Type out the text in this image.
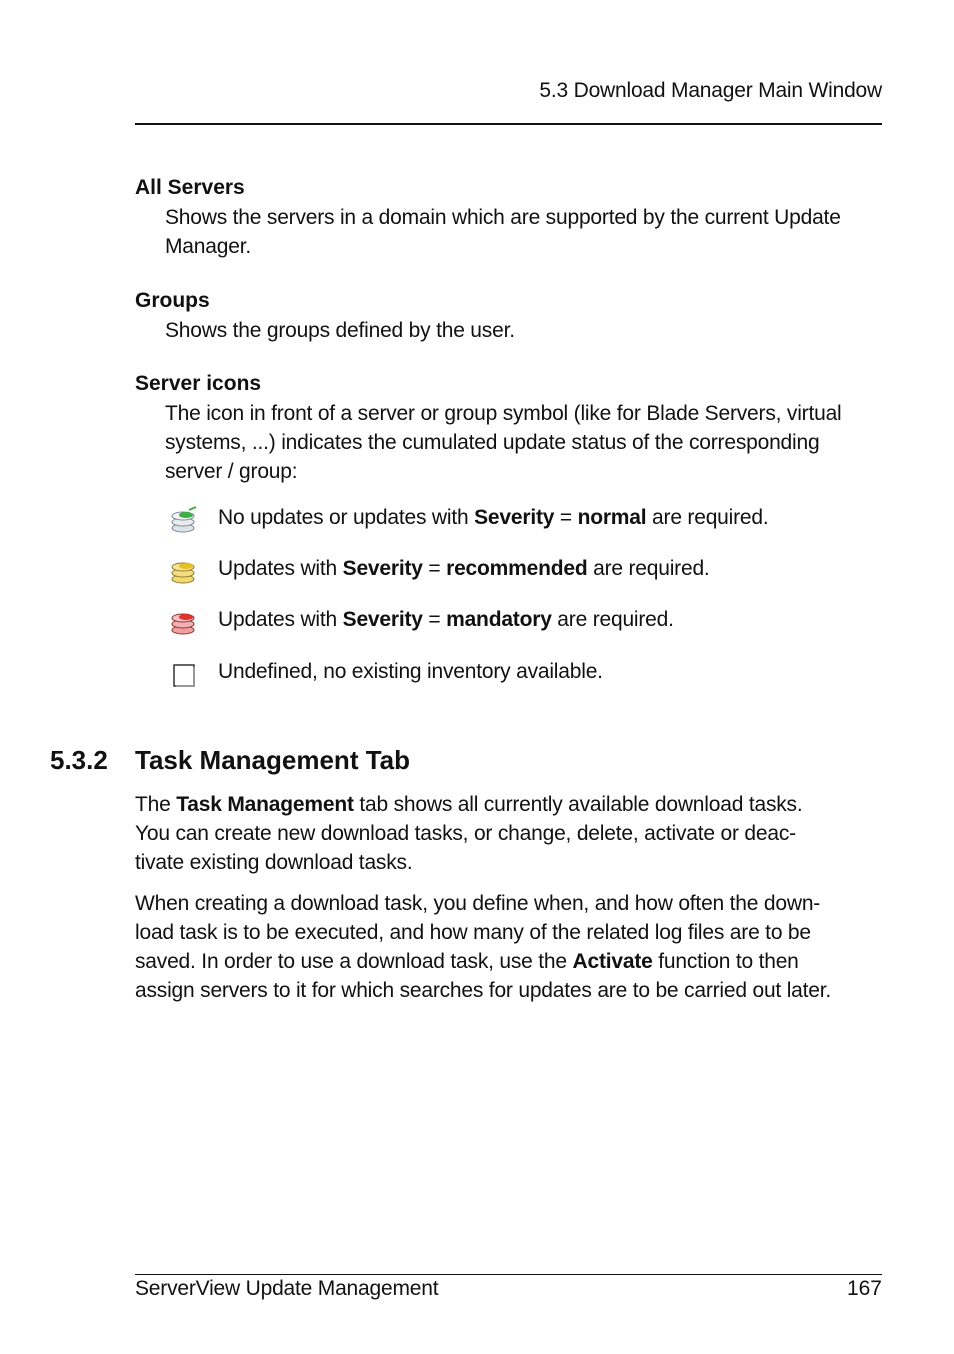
5.3 Download Manager Main Window
All Servers
Shows the servers in a domain which are supported by the current Update
Manager.
Groups
Shows the groups defined by the user.
Server icons
The icon in front of a server or group symbol (like for Blade Servers, virtual
systems, ...) indicates the cumulated update status of the corresponding
server / group:
No updates or updates with Severity = normal are required.
Updates with Severity = recommended are required.
Updates with Severity = mandatory are required.
Undefined, no existing inventory available.
5.3.2 Task Management Tab
The Task Management tab shows all currently available download tasks.
You can create new download tasks, or change, delete, activate or deac-
tivate existing download tasks.
When creating a download task, you define when, and how often the down-
load task is to be executed, and how many of the related log files are to be
saved. In order to use a download task, use the Activate function to then
assign servers to it for which searches for updates are to be carried out later.
ServerView Update Management	167
